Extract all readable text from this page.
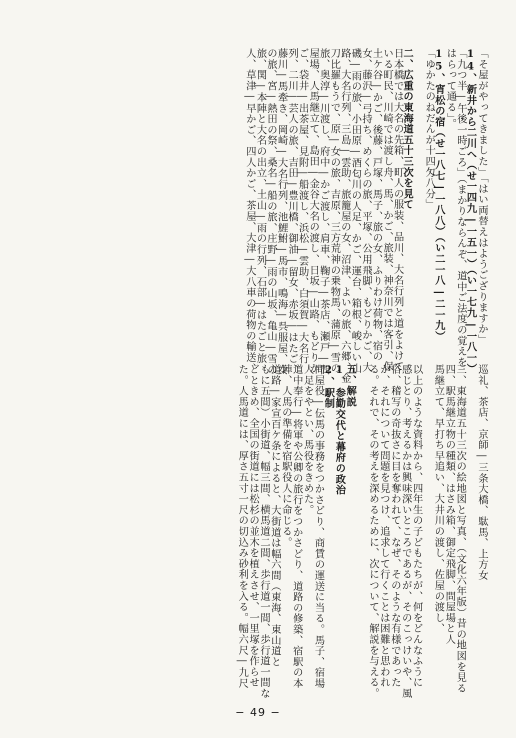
「そ屋がやってきました」「はい両替えはようござりますか」
14、新井から二川へ（せ一四九―一五一）（い一七九―一八一）
「九つ半―午後一時ごろ」（まかりならんぞ、道中ご法度の覚えを
はらって通る」。
15、宵松の宿（せ一八七―一八八）（い二一八―二一九）
「ゆかたのねだんが十四匁八分」
二、広重の東海道五十三次を見て
日本橋では大名の先箱、町人の服装、品川、大名行列と道をよけて
いる町民、川崎では渡し舟、馬、かご、旅装、神奈川では客引、保
土ケ谷―かご、後藤、戸塚、馬子、旅の女、ふりわけ荷物、宿の
女、藤沢―弓持ち、めくらの旅、平塚、公用飛脚、もどりかご、大
磯―雨の旅、小田原―酒匂川の人足、かご、運台、箱根、峻しい山
路、大名行列、三島―雲助、旅籠屋の女、沼津、よいの旅、六郷、金
刀比羅もうで、原―女の旅、吉原、三方荒神の乗物馬、蒲原―雪の
旅、奥淳―川渡し、府中―かご渡し、肩車、鞠子―茶店、瀬戸―問
屋場、人馬継立て、島田―金谷大名の渡し、日坂―山路、もどりか
ご、袋井―出茶屋、見附―船渡し、浜松―雲助、白須賀―大名行
列、二川―芸人の旅、吉田―豊川橋、御油―留女、赤坂―はたご、
藤川―馬牽き、岡崎―大名行列、池鯉鮒―馬市、鳴海―呉服屋、女
の旅、宮―熱田の祭、桑名―船の旅、庄野―雨の山坂、亀山―雪の
旅、関―本陣と大名の出立、土山―雨の行列、石部―はたごと旅
人、草津―早かご、四人かご、茶屋、大津―大八車の荷物の輸送、
巡礼、茶店、京師―三条大橋、駄馬、上方女
三、東海道五十三次の絵地図と写真、（文化六年版）昔の地図を見る
四、駅馬継立物の種類、はさみ箱、御定飛脚、問屋場と人
馬継立て、早打ち早追い、大井川の渡し、佐屋の渡し、
以上のような資料から、四年生の子どもたちが、何をどんなふうに
感じとり、考えるかは興味深いところであるが、そのこっけいや、風
俗、稽写の奇抜さに目を奪われて、なぜ、そのような有様であった
か、それについて問題を見つけ、追求して行くことは困難と思われ
る。それで、その考えを深めるために、次について、解説を与える。
五、解説
1、参勤交代と幕府の政治
2、駅制
問屋役―伝馬の事務をつかさどり、商賃の運送に当る。馬子、宿場
人足をやとい、馬役をきめた。
道中奉行―将軍や公卿の旅行をつかさどり、道路の修築、宿駅の本
陣、人馬の準備を宿駅役人に命じる。
道路―家宣百ケ条によると、大街道は幅六間（東海、東山道と
もに五間）小街道、幅三間、横馬道二間、歩行道一間、歩行道一間な
どときめ、全国の街道には松杉の並木を植えさせ、一里塚を作らせ
た。人馬道には、厚さ五寸一尺の切込み砂利を入る。幅六尺―九尺
− 49 −
